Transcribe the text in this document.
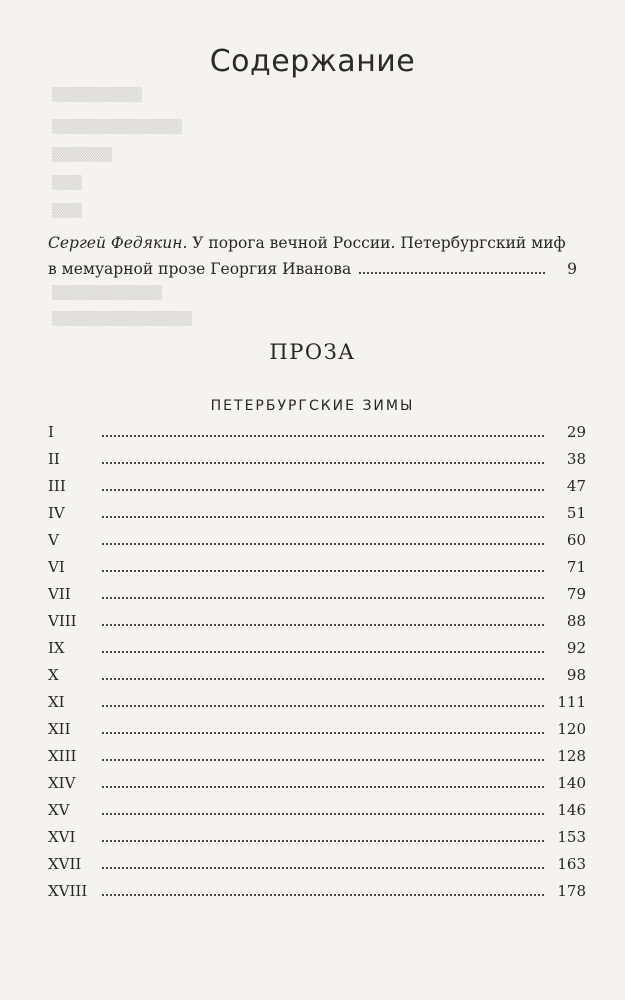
▒▒▒▒▒▒▒▒▒
▒▒▒▒▒▒▒▒▒▒▒▒▒
▒▒▒▒▒▒
▒▒▒
▒▒▒
▒▒▒▒▒▒▒▒▒▒▒
▒▒▒▒▒▒▒▒▒▒▒▒▒▒
Содержание
Сергей Федякин. У порога вечной России. Петербургский миф
в мемуарной прозе Георгия Иванова	9
ПРОЗА
ПЕТЕРБУРГСКИЕ ЗИМЫ
I	29
II	38
III	47
IV	51
V	60
VI	71
VII	79
VIII	88
IX	92
X	98
XI	111
XII	120
XIII	128
XIV	140
XV	146
XVI	153
XVII	163
XVIII	178
